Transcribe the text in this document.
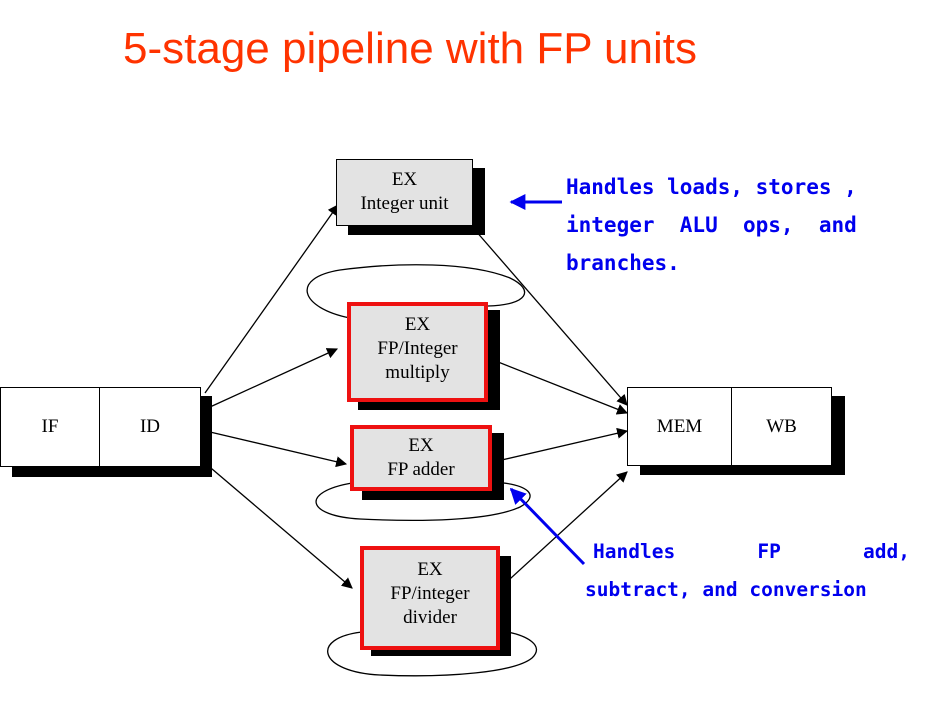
5-stage pipeline with FP units
IF	ID
EX
Integer unit
EX
FP/Integer
multiply
EX
FP adder
EX
FP/integer
divider
MEM	WB
Handles loads, stores ,
integer  ALU  ops,  and
branches.
Handles       FP       add,
subtract, and conversion
